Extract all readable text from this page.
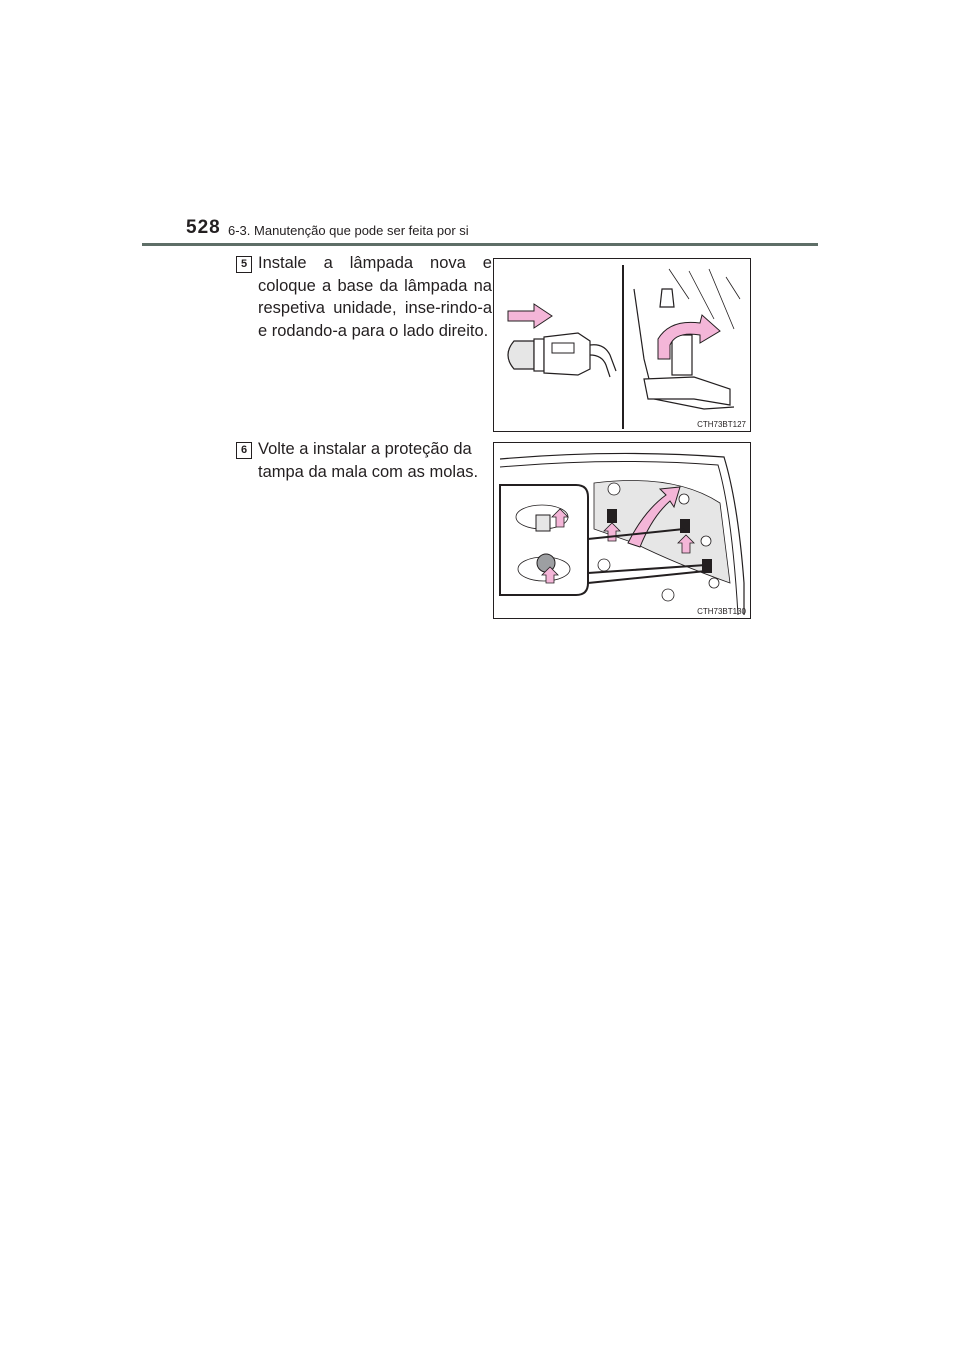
528 6-3. Manutenção que pode ser feita por si
5 Instale a lâmpada nova e coloque a base da lâmpada na respetiva unidade, inse-rindo-a e rodando-a para o lado direito.
CTH73BT127
6 Volte a instalar a proteção da tampa da mala com as molas.
CTH73BT130
